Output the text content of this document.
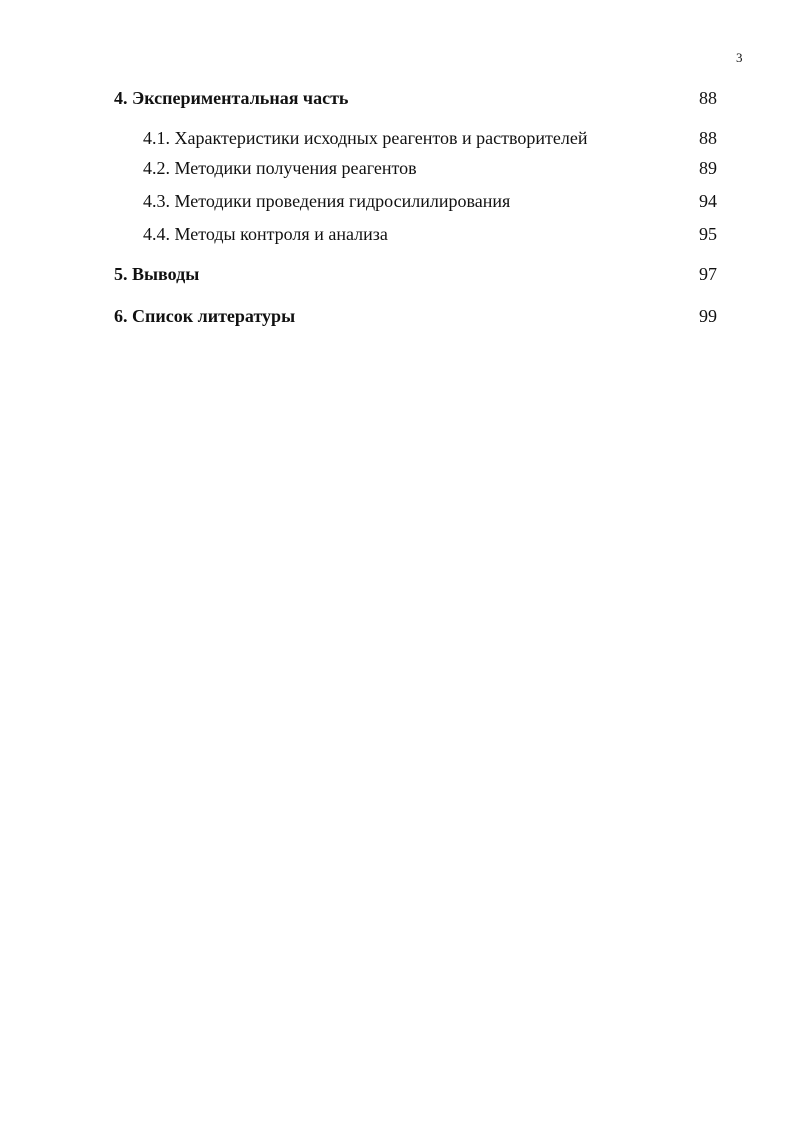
3
4. Экспериментальная часть	88
4.1. Характеристики исходных реагентов и растворителей	88
4.2. Методики получения реагентов	89
4.3. Методики проведения гидросилилирования	94
4.4. Методы контроля и анализа	95
5. Выводы	97
6. Список литературы	99
